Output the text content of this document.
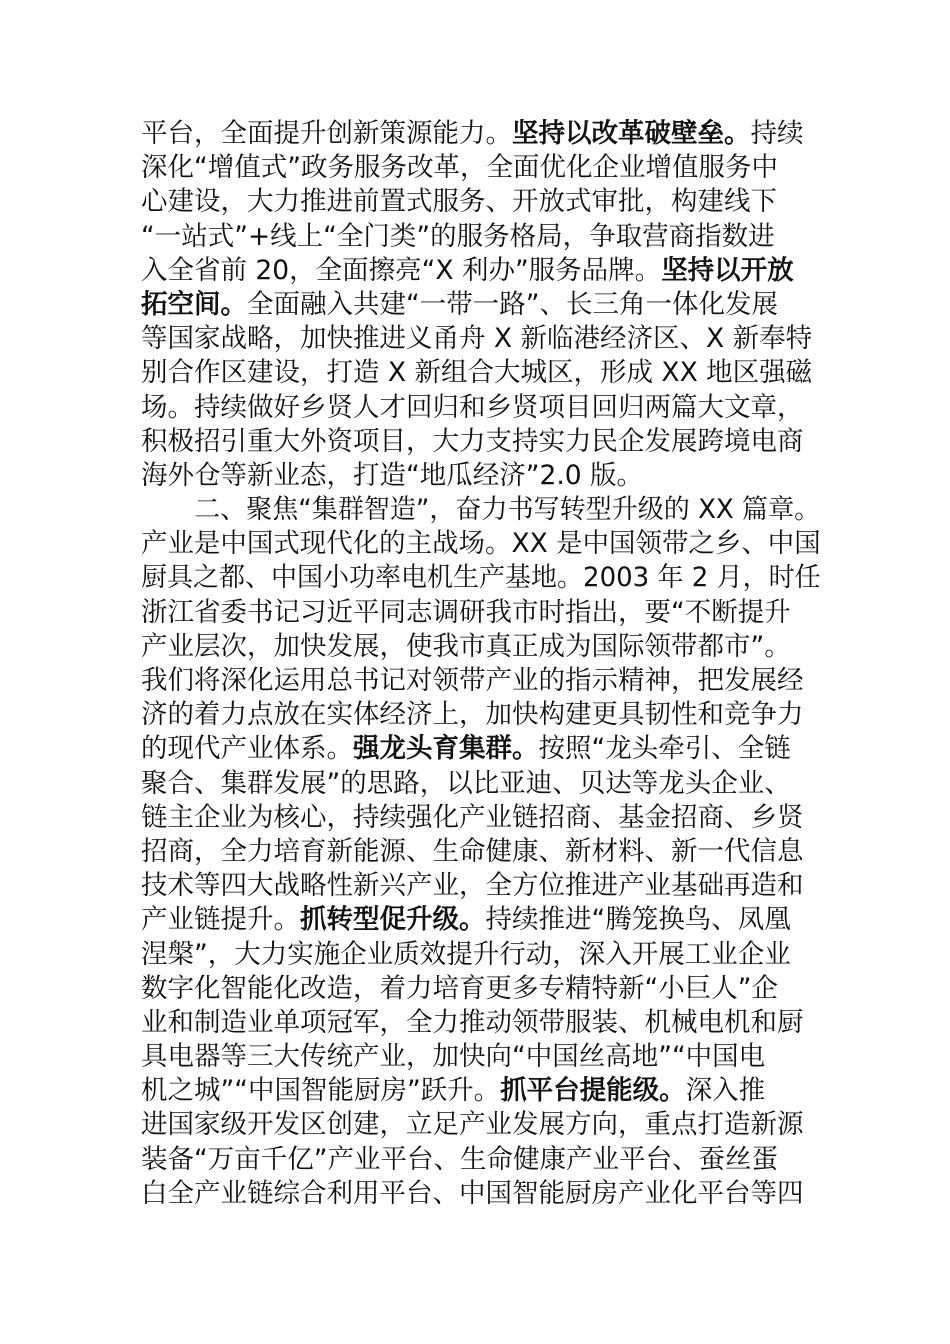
平台，全面提升创新策源能力。坚持以改革破壁垒。持续
深化“增值式”政务服务改革，全面优化企业增值服务中
心建设，大力推进前置式服务、开放式审批，构建线下
“一站式”+线上“全门类”的服务格局，争取营商指数进
入全省前 20，全面擦亮“X 利办”服务品牌。坚持以开放
拓空间。全面融入共建“一带一路”、长三角一体化发展
等国家战略，加快推进义甬舟 X 新临港经济区、X 新奉特
别合作区建设，打造 X 新组合大城区，形成 XX 地区强磁
场。持续做好乡贤人才回归和乡贤项目回归两篇大文章，
积极招引重大外资项目，大力支持实力民企发展跨境电商
海外仓等新业态，打造“地瓜经济”2.0 版。
二、聚焦“集群智造”，奋力书写转型升级的 XX 篇章。
产业是中国式现代化的主战场。XX 是中国领带之乡、中国
厨具之都、中国小功率电机生产基地。2003 年 2 月，时任
浙江省委书记习近平同志调研我市时指出，要“不断提升
产业层次，加快发展，使我市真正成为国际领带都市”。
我们将深化运用总书记对领带产业的指示精神，把发展经
济的着力点放在实体经济上，加快构建更具韧性和竞争力
的现代产业体系。强龙头育集群。按照“龙头牵引、全链
聚合、集群发展”的思路，以比亚迪、贝达等龙头企业、
链主企业为核心，持续强化产业链招商、基金招商、乡贤
招商，全力培育新能源、生命健康、新材料、新一代信息
技术等四大战略性新兴产业，全方位推进产业基础再造和
产业链提升。抓转型促升级。持续推进“腾笼换鸟、凤凰
涅槃”，大力实施企业质效提升行动，深入开展工业企业
数字化智能化改造，着力培育更多专精特新“小巨人”企
业和制造业单项冠军，全力推动领带服装、机械电机和厨
具电器等三大传统产业，加快向“中国丝高地”“中国电
机之城”“中国智能厨房”跃升。抓平台提能级。深入推
进国家级开发区创建，立足产业发展方向，重点打造新源
装备“万亩千亿”产业平台、生命健康产业平台、蚕丝蛋
白全产业链综合利用平台、中国智能厨房产业化平台等四
